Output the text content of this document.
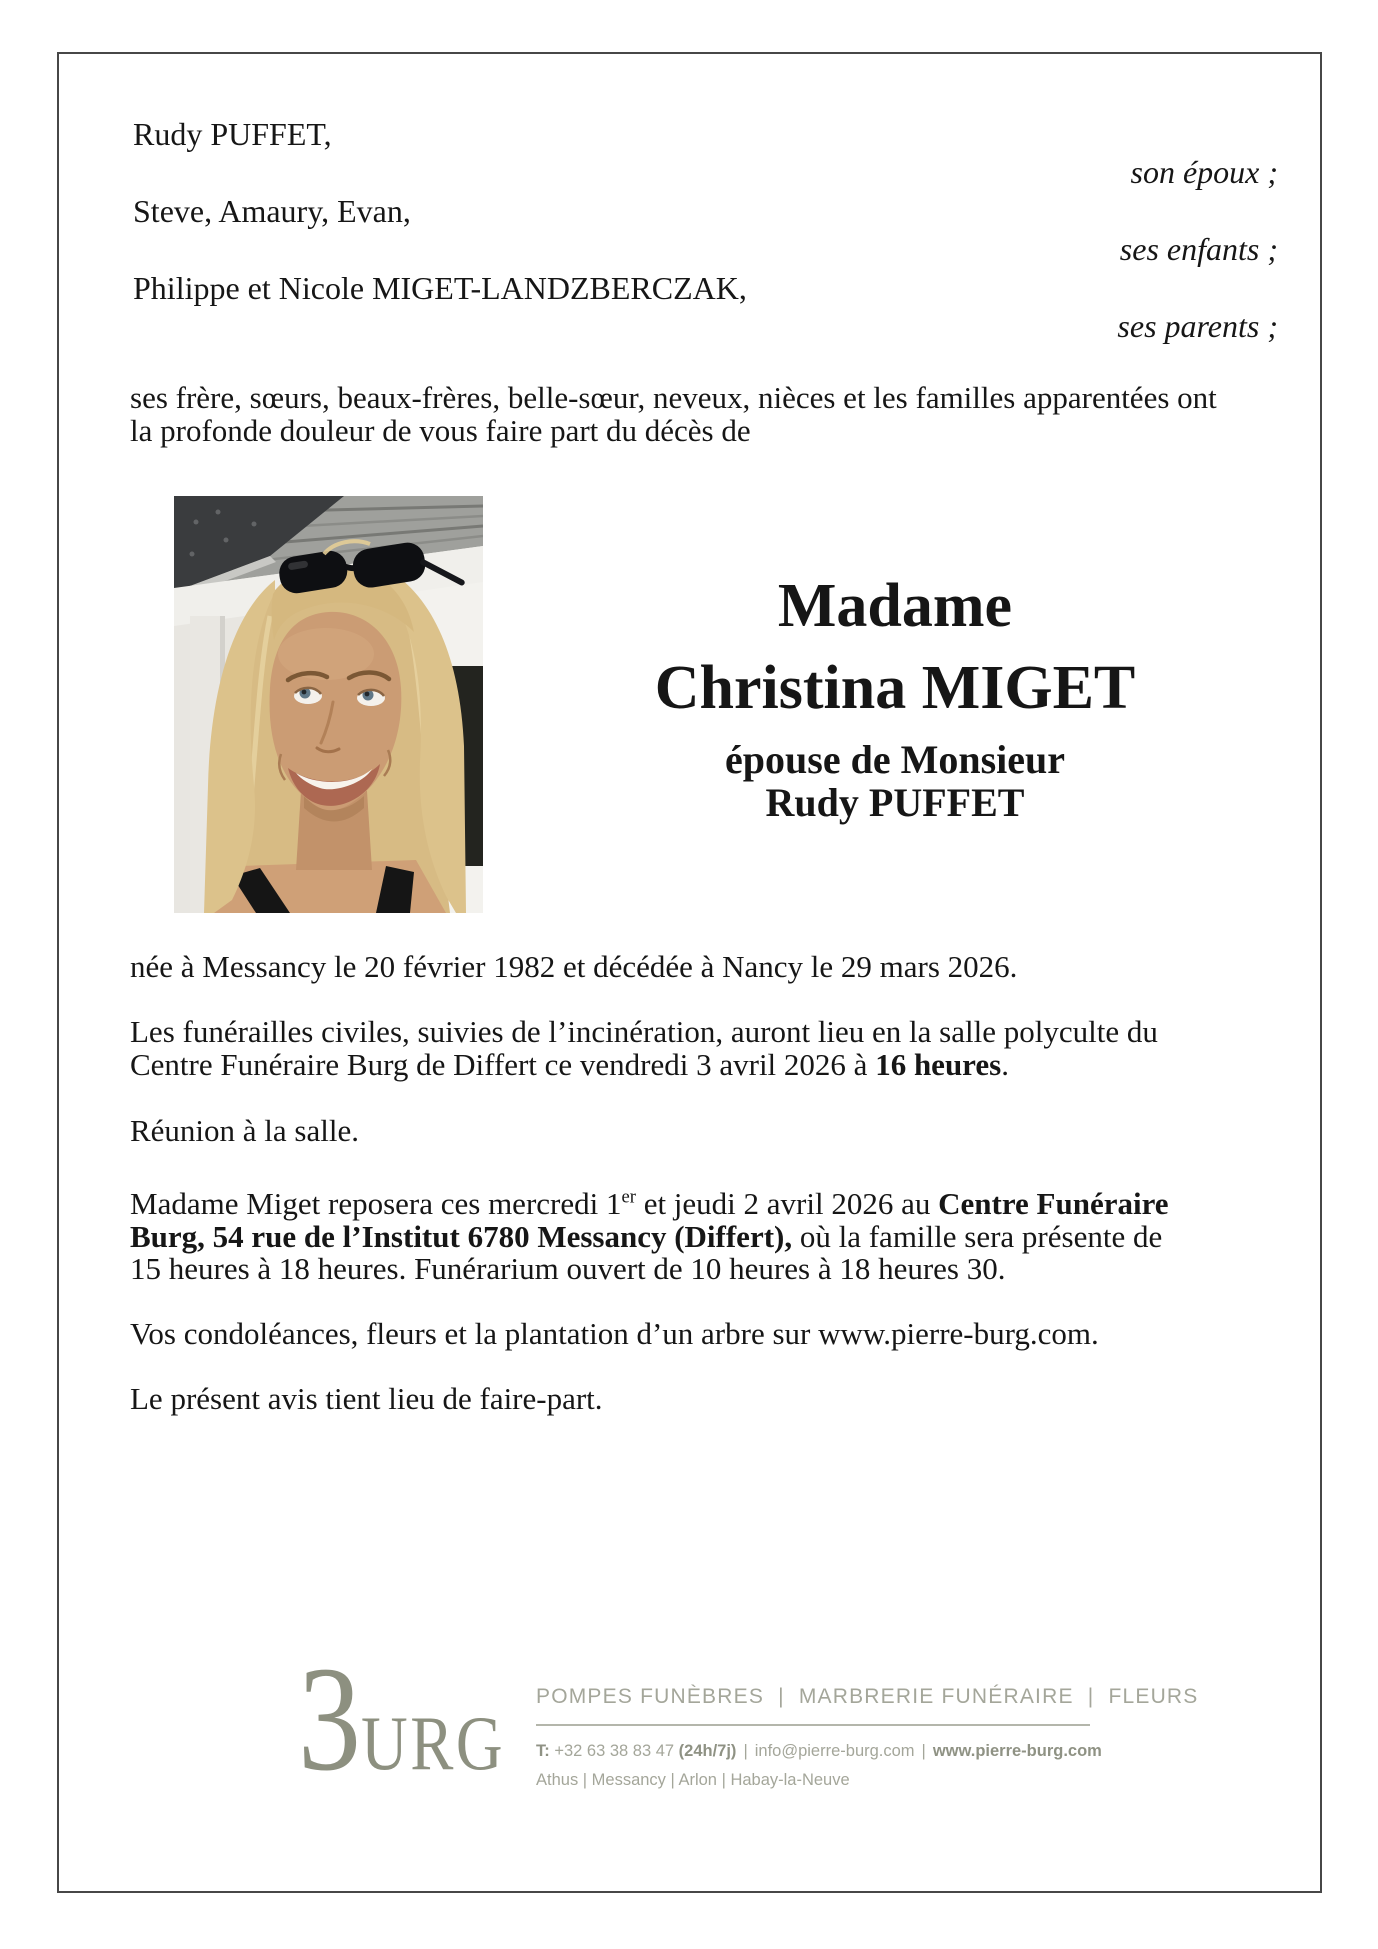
Rudy PUFFET,
son époux ;
Steve, Amaury, Evan,
ses enfants ;
Philippe et Nicole MIGET-LANDZBERCZAK,
ses parents ;
ses frère, sœurs, beaux-frères, belle-sœur, neveux, nièces et les familles apparentées ont
la profonde douleur de vous faire part du décès de
Madame
Christina MIGET
épouse de Monsieur
Rudy PUFFET
née à Messancy le 20 février 1982 et décédée à Nancy le 29 mars 2026.
Les funérailles civiles, suivies de l’incinération, auront lieu en la salle polyculte du
Centre Funéraire Burg de Differt ce vendredi 3 avril 2026 à 16 heures.
Réunion à la salle.
Madame Miget reposera ces mercredi 1er et jeudi 2 avril 2026 au Centre Funéraire
Burg, 54 rue de l’Institut 6780 Messancy (Differt), où la famille sera présente de
15 heures à 18 heures. Funérarium ouvert de 10 heures à 18 heures 30.
Vos condoléances, fleurs et la plantation d’un arbre sur www.pierre-burg.com.
Le présent avis tient lieu de faire-part.
3URG
POMPES FUNÈBRES  |  MARBRERIE FUNÉRAIRE  |  FLEURS
T: +32 63 38 83 47 (24h/7j) | info@pierre-burg.com | www.pierre-burg.com
Athus | Messancy | Arlon | Habay-la-Neuve
